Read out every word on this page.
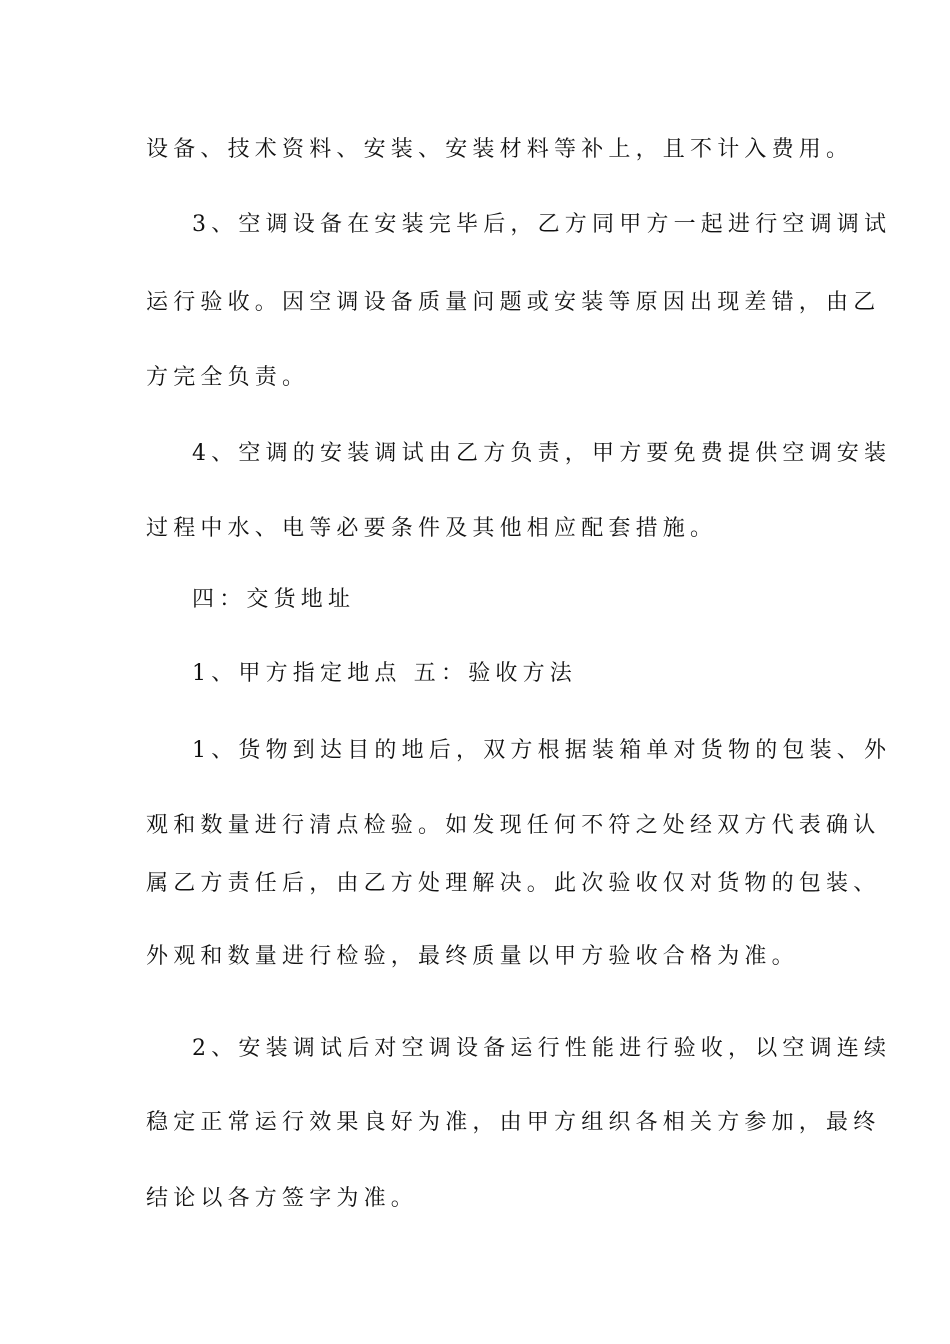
设备、技术资料、安装、安装材料等补上，且不计入费用。
3、空调设备在安装完毕后，乙方同甲方一起进行空调调试
运行验收。因空调设备质量问题或安装等原因出现差错，由乙
方完全负责。
4、空调的安装调试由乙方负责，甲方要免费提供空调安装
过程中水、电等必要条件及其他相应配套措施。
四：交货地址
1、甲方指定地点 五：验收方法
1、货物到达目的地后，双方根据装箱单对货物的包装、外
观和数量进行清点检验。如发现任何不符之处经双方代表确认
属乙方责任后，由乙方处理解决。此次验收仅对货物的包装、
外观和数量进行检验，最终质量以甲方验收合格为准。
2、安装调试后对空调设备运行性能进行验收，以空调连续
稳定正常运行效果良好为准，由甲方组织各相关方参加，最终
结论以各方签字为准。
